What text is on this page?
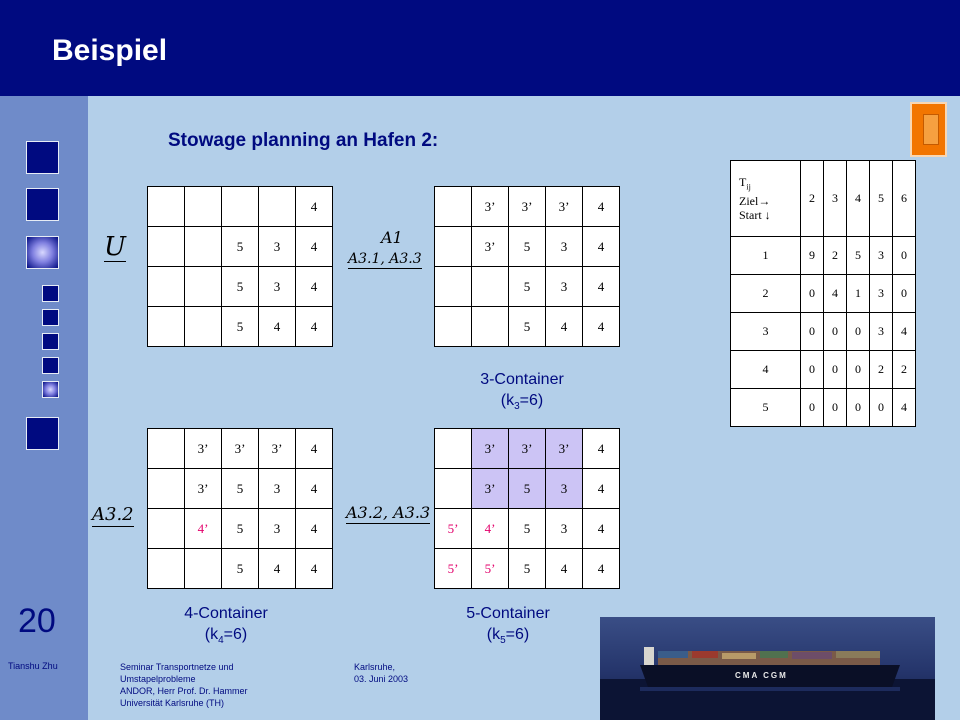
Beispiel
20
Tianshu Zhu	Seminar Transportnetze und
Umstapelprobleme
ANDOR, Herr Prof. Dr. Hammer
Universität Karlsruhe (TH)
Karlsruhe,
03. Juni 2003
Stowage planning an Hafen 2:
U
				4
		5	3	4
		5	3	4
		5	4	4
A1
A3.1, A3.3
	3’	3’	3’	4
	3’	5	3	4
		5	3	4
		5	4	4
3-Container
$(k_3=6)$
A3.2
	3’	3’	3’	4
	3’	5	3	4
	4’	5	3	4
		5	4	4
A3.2, A3.3
	3’	3’	3’	4
	3’	5	3	4
5’	4’	5	3	4
5’	5’	5	4	4
4-Container
$(k_4=6)$
5-Container
$(k_5=6)$
$T_{ij}$
Ziel→
Start ↓	2	3	4	5	6
1	9	2	5	3	0
2	0	4	1	3	0
3	0	0	0	3	4
4	0	0	0	2	2
5	0	0	0	0	4
CMA CGM
